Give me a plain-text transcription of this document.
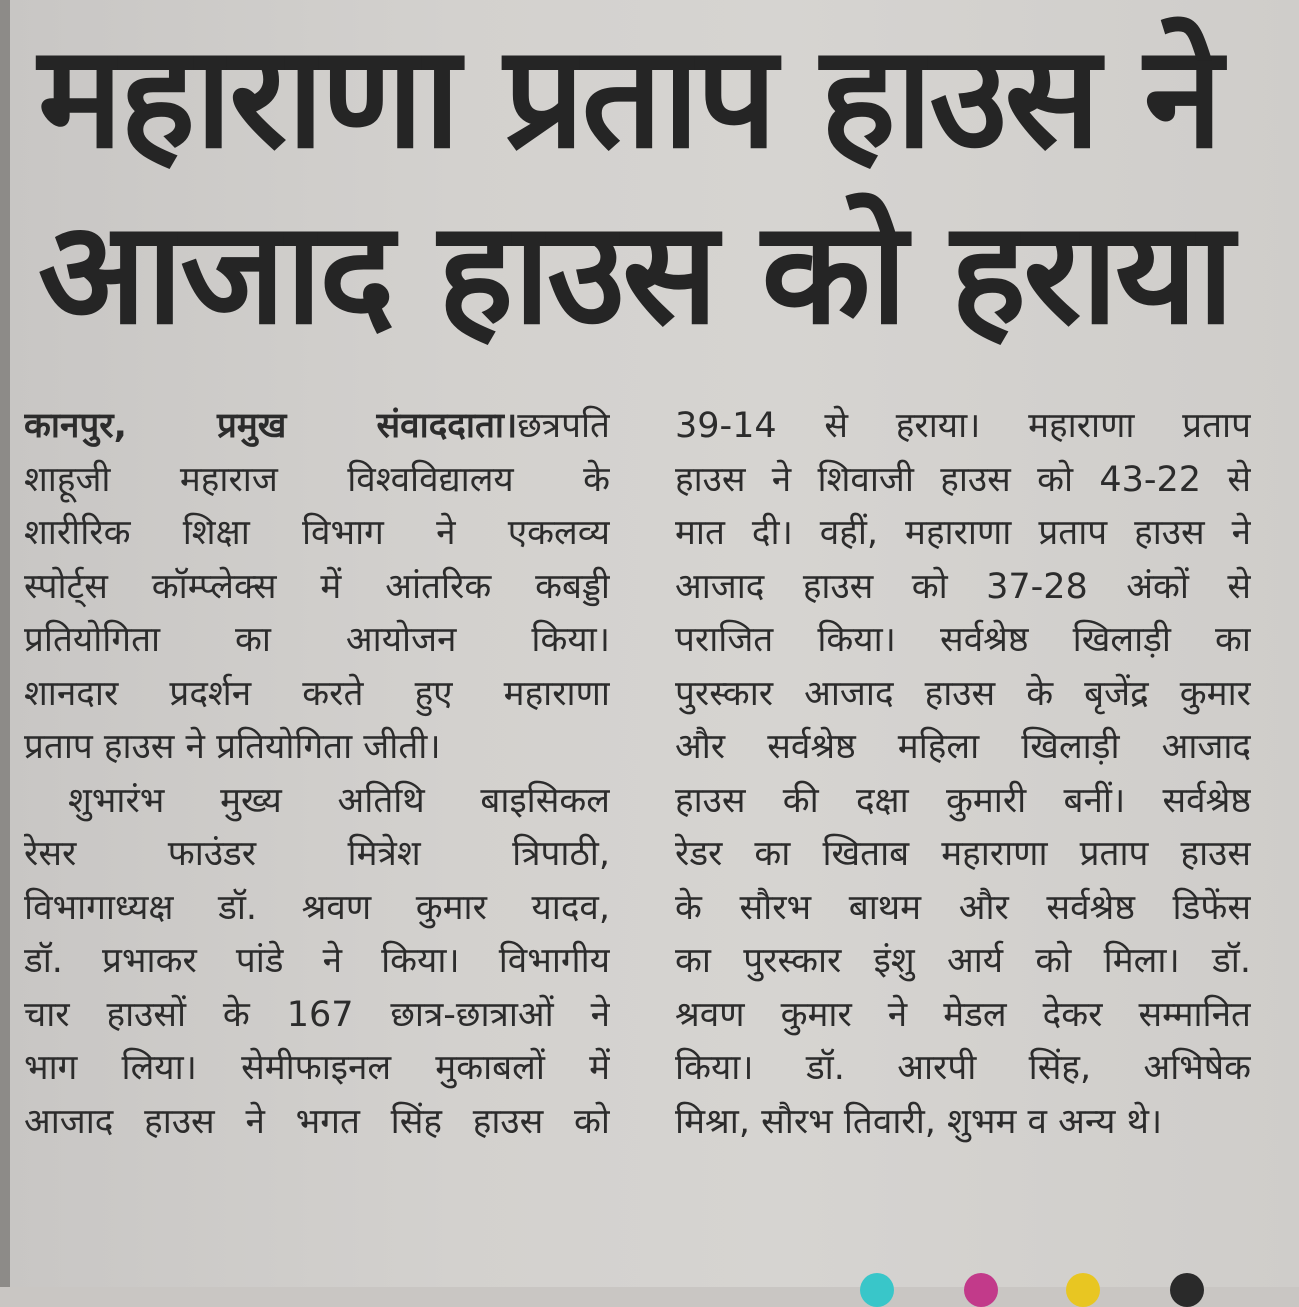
महाराणा प्रताप हाउस ने
आजाद हाउस को हराया
कानपुर, प्रमुख संवाददाता।छत्रपति
शाहूजी महाराज विश्वविद्यालय के
शारीरिक शिक्षा विभाग ने एकलव्य
स्पोर्ट्स कॉम्प्लेक्स में आंतरिक कबड्डी
प्रतियोगिता का आयोजन किया।
शानदार प्रदर्शन करते हुए महाराणा
प्रताप हाउस ने प्रतियोगिता जीती।
शुभारंभ मुख्य अतिथि बाइसिकल
रेसर फाउंडर मित्रेश त्रिपाठी,
विभागाध्यक्ष डॉ. श्रवण कुमार यादव,
डॉ. प्रभाकर पांडे ने किया। विभागीय
चार हाउसों के 167 छात्र-छात्राओं ने
भाग लिया। सेमीफाइनल मुकाबलों में
आजाद हाउस ने भगत सिंह हाउस को
39-14 से हराया। महाराणा प्रताप
हाउस ने शिवाजी हाउस को 43-22 से
मात दी। वहीं, महाराणा प्रताप हाउस ने
आजाद हाउस को 37-28 अंकों से
पराजित किया। सर्वश्रेष्ठ खिलाड़ी का
पुरस्कार आजाद हाउस के बृजेंद्र कुमार
और सर्वश्रेष्ठ महिला खिलाड़ी आजाद
हाउस की दक्षा कुमारी बनीं। सर्वश्रेष्ठ
रेडर का खिताब महाराणा प्रताप हाउस
के सौरभ बाथम और सर्वश्रेष्ठ डिफेंस
का पुरस्कार इंशु आर्य को मिला। डॉ.
श्रवण कुमार ने मेडल देकर सम्मानित
किया। डॉ. आरपी सिंह, अभिषेक
मिश्रा, सौरभ तिवारी, शुभम व अन्य थे।
